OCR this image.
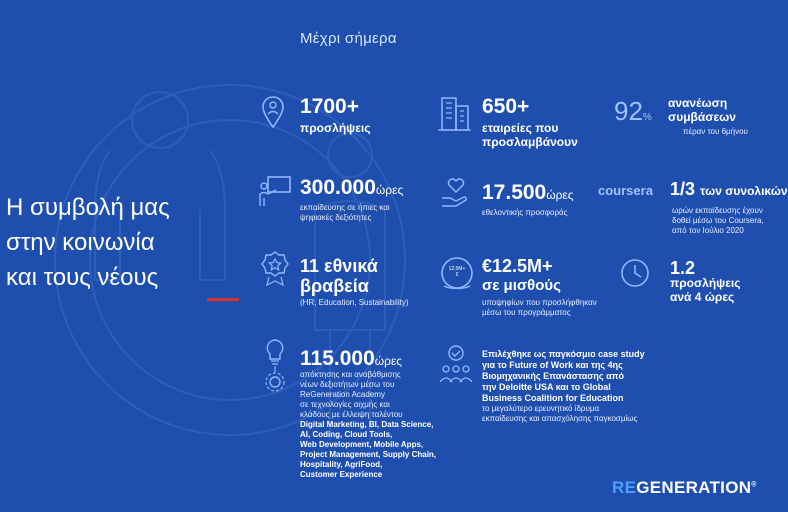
Μέχρι σήμερα
Η συμβολή μας
στην κοινωνία
και τους νέους
1700+
προσλήψεις
300.000ώρες
εκπαίδευσης σε ήπιες και
ψηφιακές δεξιότητες
11 εθνικά
βραβεία
(HR, Education, Sustainability)
115.000ώρες
απόκτησης και αναβάθμισης
νέων δεξιοτήτων μέσω του
ReGeneration Academy
σε τεχνολογίες αιχμής και
κλάδους με έλλειψη ταλέντου
Digital Marketing, BI, Data Science,
AI, Coding, Cloud Tools,
Web Development, Mobile Apps,
Project Management, Supply Chain,
Hospitality, AgriFood,
Customer Experience
650+
εταιρείες που
προσλαμβάνουν
17.500ώρες
εθελοντικής προσφοράς
12.5M+
€	€12.5M+
σε μισθούς
υποψηφίων που προσλήφθηκαν
μέσω του προγράμματος
Επιλέχθηκε ως παγκόσμιο case study
για το Future of Work και της 4ης
Βιομηχανικής Επανάστασης από
την Deloitte USA και το Global
Business Coalition for Education
το μεγαλύτερο ερευνητικό ίδρυμα
εκπαίδευσης και απασχόλησης παγκοσμίως
92%
ανανέωση
συμβάσεων
πέραν του 6μήνου
coursera 1/3 των συνολικών
ωρών εκπαίδευσης έχουν
δοθεί μέσω του Coursera,
από τον Ιούλιο 2020
1.2
προσλήψεις
ανά 4 ώρες
REGENERATION®
